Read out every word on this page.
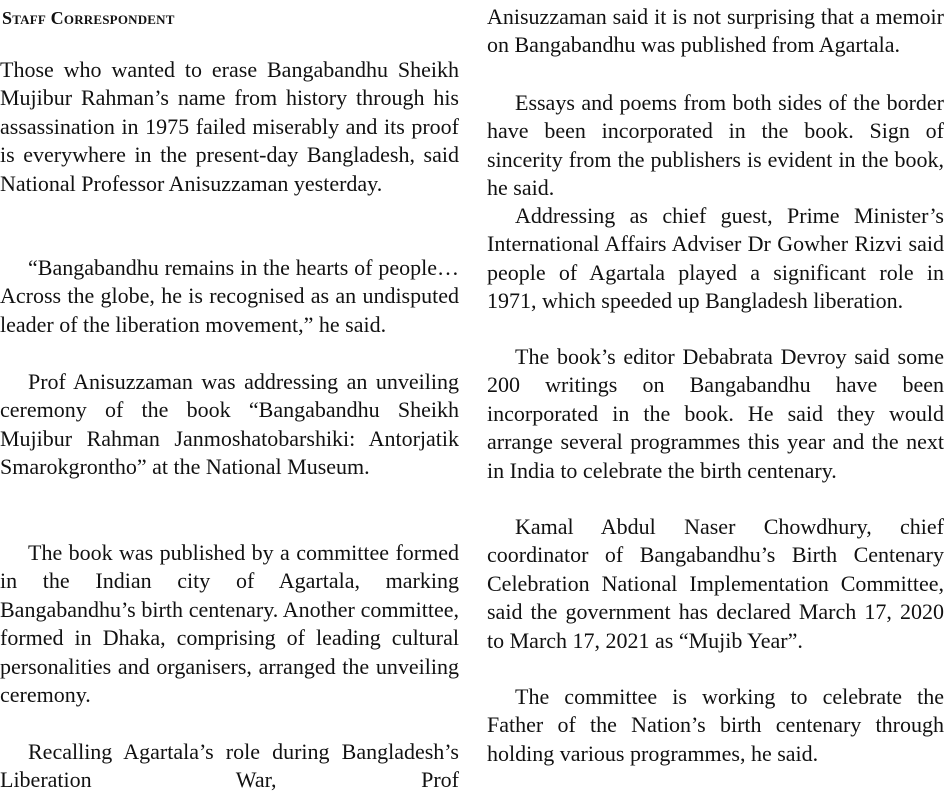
Staff Correspondent

Those who wanted to erase Bangabandhu Sheikh Mujibur Rahman’s name from history through his assassination in 1975 failed miserably and its proof is everywhere in the present-day Bangladesh, said National Professor Anisuzzaman yesterday.

“Bangabandhu remains in the hearts of people… Across the globe, he is recognised as an undisputed leader of the liberation movement,” he said.

Prof Anisuzzaman was addressing an unveiling ceremony of the book “Bangabandhu Sheikh Mujibur Rahman Janmoshatobarshiki: Antorjatik Smarokgrontho” at the National Museum.

The book was published by a committee formed in the Indian city of Agartala, marking Bangabandhu’s birth centenary. Another committee, formed in Dhaka, comprising of leading cultural personalities and organisers, arranged the unveiling ceremony.

Recalling Agartala’s role during Bangladesh’s Liberation War, Prof

Anisuzzaman said it is not surprising that a memoir on Bangabandhu was published from Agartala.

Essays and poems from both sides of the border have been incorporated in the book. Sign of sincerity from the publishers is evident in the book, he said.

Addressing as chief guest, Prime Minister’s International Affairs Adviser Dr Gowher Rizvi said people of Agartala played a significant role in 1971, which speeded up Bangladesh liberation.

The book’s editor Debabrata Devroy said some 200 writings on Bangabandhu have been incorporated in the book. He said they would arrange several programmes this year and the next in India to celebrate the birth centenary.

Kamal Abdul Naser Chowdhury, chief coordinator of Bangabandhu’s Birth Centenary Celebration National Implementation Committee, said the government has declared March 17, 2020 to March 17, 2021 as “Mujib Year”.

The committee is working to celebrate the Father of the Nation’s birth centenary through holding various programmes, he said.
